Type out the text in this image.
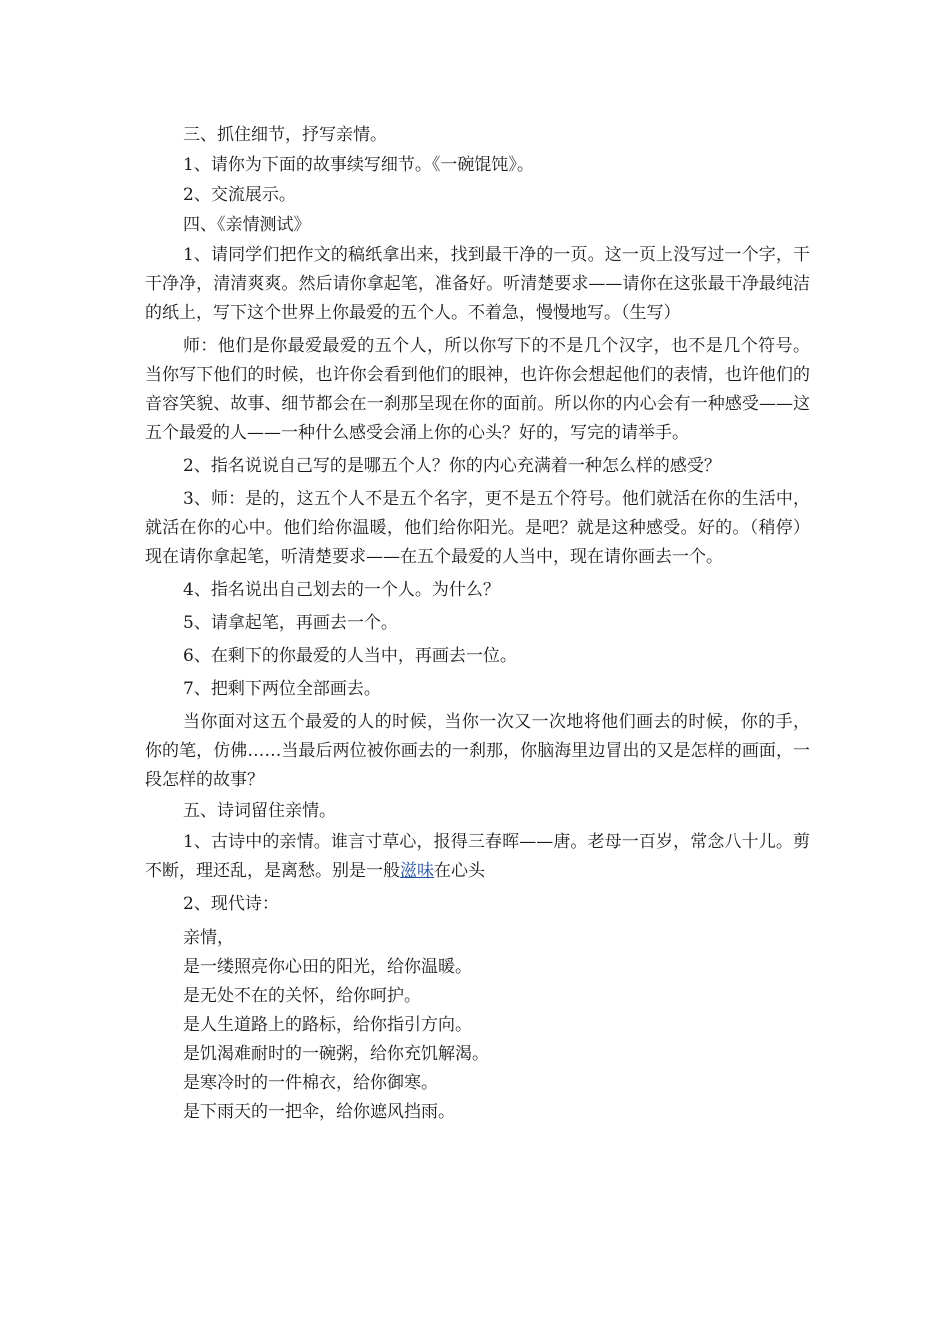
三、抓住细节，抒写亲情。

1、请你为下面的故事续写细节。《一碗馄饨》。

2、交流展示。

四、《亲情测试》

1、请同学们把作文的稿纸拿出来，找到最干净的一页。这一页上没写过一个字，干干净净，清清爽爽。然后请你拿起笔，准备好。听清楚要求——请你在这张最干净最纯洁的纸上，写下这个世界上你最爱的五个人。不着急，慢慢地写。（生写）

师：他们是你最爱最爱的五个人，所以你写下的不是几个汉字，也不是几个符号。当你写下他们的时候，也许你会看到他们的眼神，也许你会想起他们的表情，也许他们的音容笑貌、故事、细节都会在一刹那呈现在你的面前。所以你的内心会有一种感受——这五个最爱的人——一种什么感受会涌上你的心头？好的，写完的请举手。

2、指名说说自己写的是哪五个人？你的内心充满着一种怎么样的感受？

3、师：是的，这五个人不是五个名字，更不是五个符号。他们就活在你的生活中，就活在你的心中。他们给你温暖，他们给你阳光。是吧？就是这种感受。好的。（稍停）现在请你拿起笔，听清楚要求——在五个最爱的人当中，现在请你画去一个。

4、指名说出自己划去的一个人。为什么？

5、请拿起笔，再画去一个。

6、在剩下的你最爱的人当中，再画去一位。

7、把剩下两位全部画去。

当你面对这五个最爱的人的时候，当你一次又一次地将他们画去的时候，你的手，你的笔，仿佛……当最后两位被你画去的一刹那，你脑海里边冒出的又是怎样的画面，一段怎样的故事？

五、诗词留住亲情。

1、古诗中的亲情。谁言寸草心，报得三春晖——唐。老母一百岁，常念八十儿。剪不断，理还乱，是离愁。别是一般滋味在心头

2、现代诗：

亲情，

是一缕照亮你心田的阳光，给你温暖。

是无处不在的关怀，给你呵护。

是人生道路上的路标，给你指引方向。

是饥渴难耐时的一碗粥，给你充饥解渴。

是寒冷时的一件棉衣，给你御寒。

是下雨天的一把伞，给你遮风挡雨。
